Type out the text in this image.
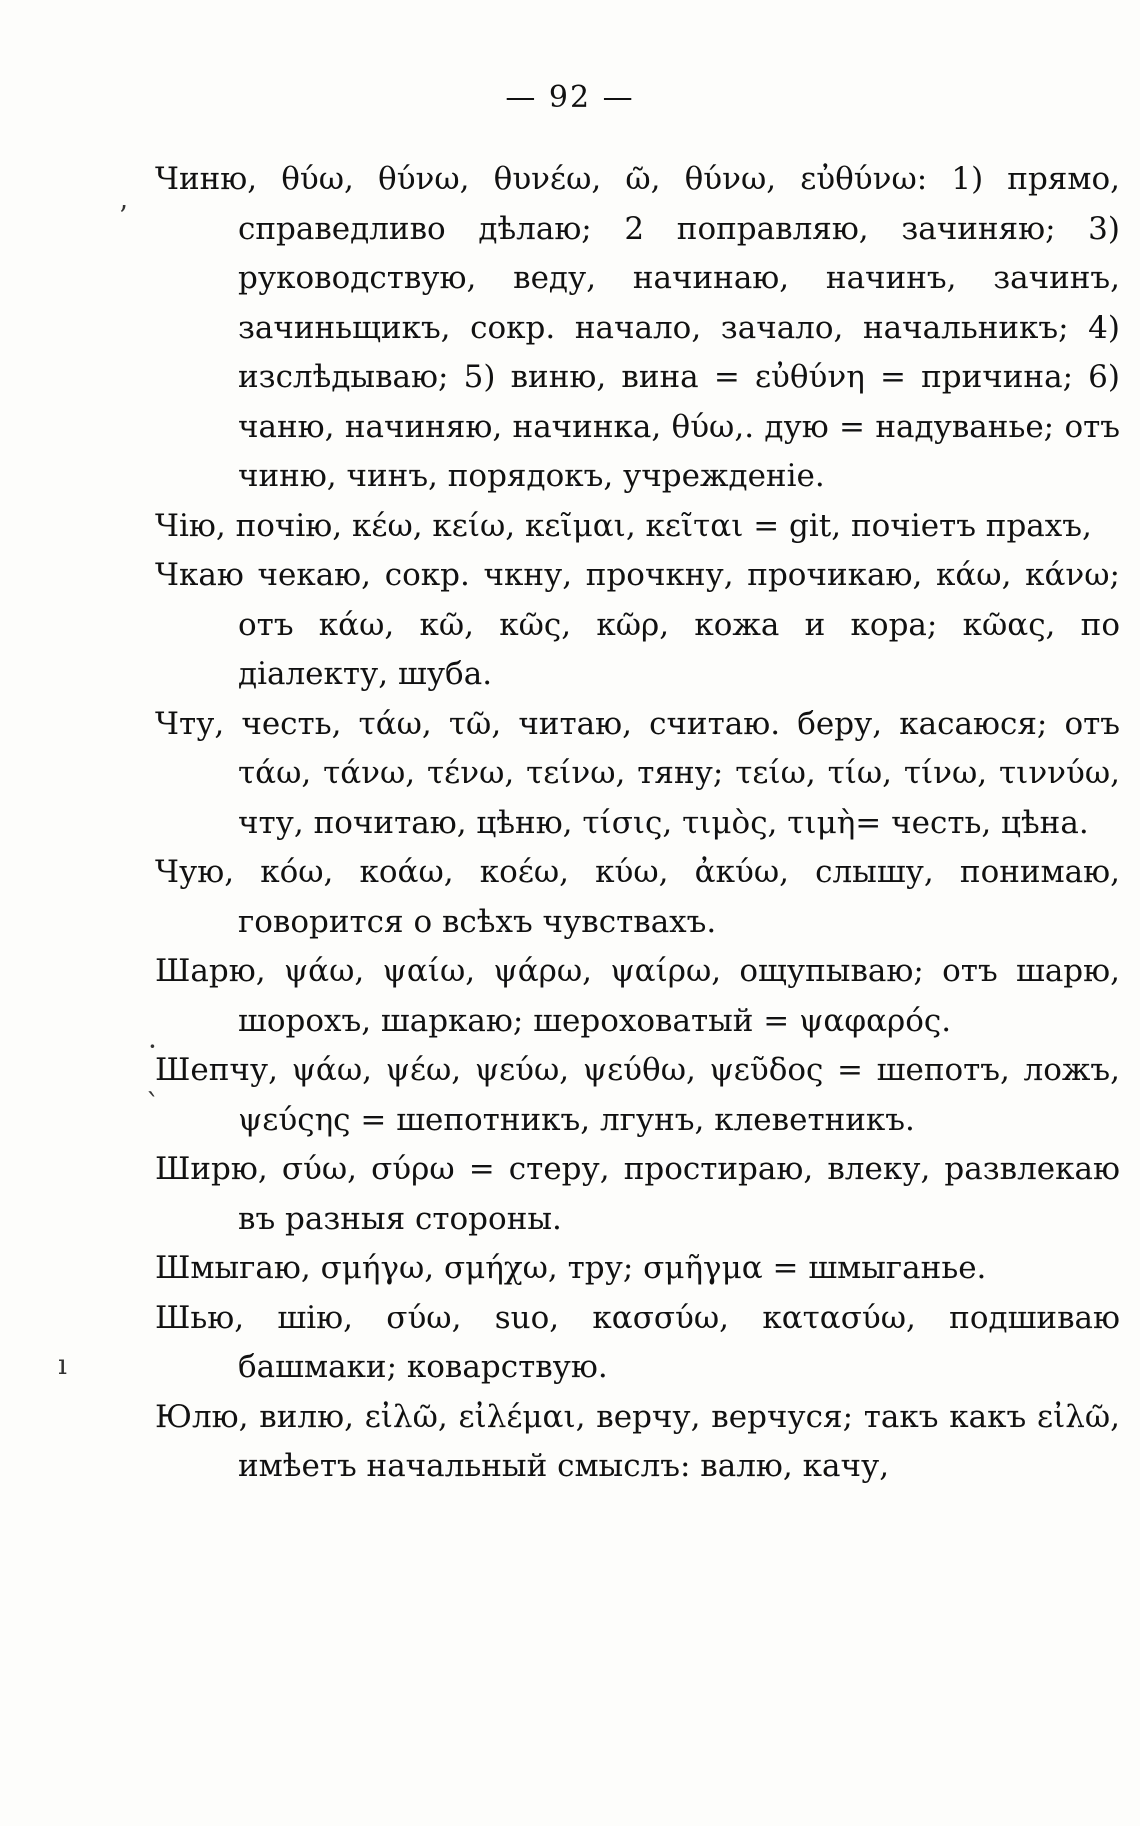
— 92 —
ʼ
·
ˋ
ı

Чиню, θύω, θύνω, θυνέω, ῶ, θύνω, εὐθύνω: 1) прямо, справедливо дѣлаю; 2 поправляю, зачиняю; 3) руководствую, веду, начинаю, начинъ, зачинъ, зачиньщикъ, сокр. начало, зачало, начальникъ; 4) изслѣдываю; 5) виню, вина = εὐθύνη = причина; 6) чаню, начиняю, начинка, θύω,. дую = надуванье; отъ чиню, чинъ, порядокъ, учрежденіе.

Чію, почію, κέω, κείω, κεῖμαι, κεῖται = git, почіетъ прахъ,

Чкаю чекаю, сокр. чкну, прочкну, прочикаю, κάω, κάνω; отъ κάω, κῶ, κῶς, κῶρ, кожа и кора; κῶας, по діалекту, шуба.

Чту, честь, τάω, τῶ, читаю, считаю. беру, касаюся; отъ τάω, τάνω, τένω, τείνω, тяну; τείω, τίω, τίνω, τιννύω, чту, почитаю, цѣню, τίσις, τιμὸς, τιμὴ= честь, цѣна.

Чую, κόω, κοάω, κοέω, κύω, ἀκύω, слышу, понимаю, говорится о всѣхъ чувствахъ.

Шарю, ψάω, ψαίω, ψάρω, ψαίρω, ощупываю; отъ шарю, шорохъ, шаркаю; шероховатый = ψαφαρός.

Шепчу, ψάω, ψέω, ψεύω, ψεύθω, ψεῦδος = шепотъ, ложъ, ψεύςης = шепотникъ, лгунъ, клеветникъ.

Ширю, σύω, σύρω = стеру, простираю, влеку, развлекаю въ разныя стороны.

Шмыгаю, σμήγω, σμήχω, тру; σμῆγμα = шмыганье.

Шью, шію, σύω, suo, κασσύω, κατασύω, подшиваю башмаки; коварствую.

Юлю, вилю, εἰλῶ, εἰλέμαι, верчу, верчуся; такъ какъ εἰλῶ, имѣетъ начальный смыслъ: валю, качу,
